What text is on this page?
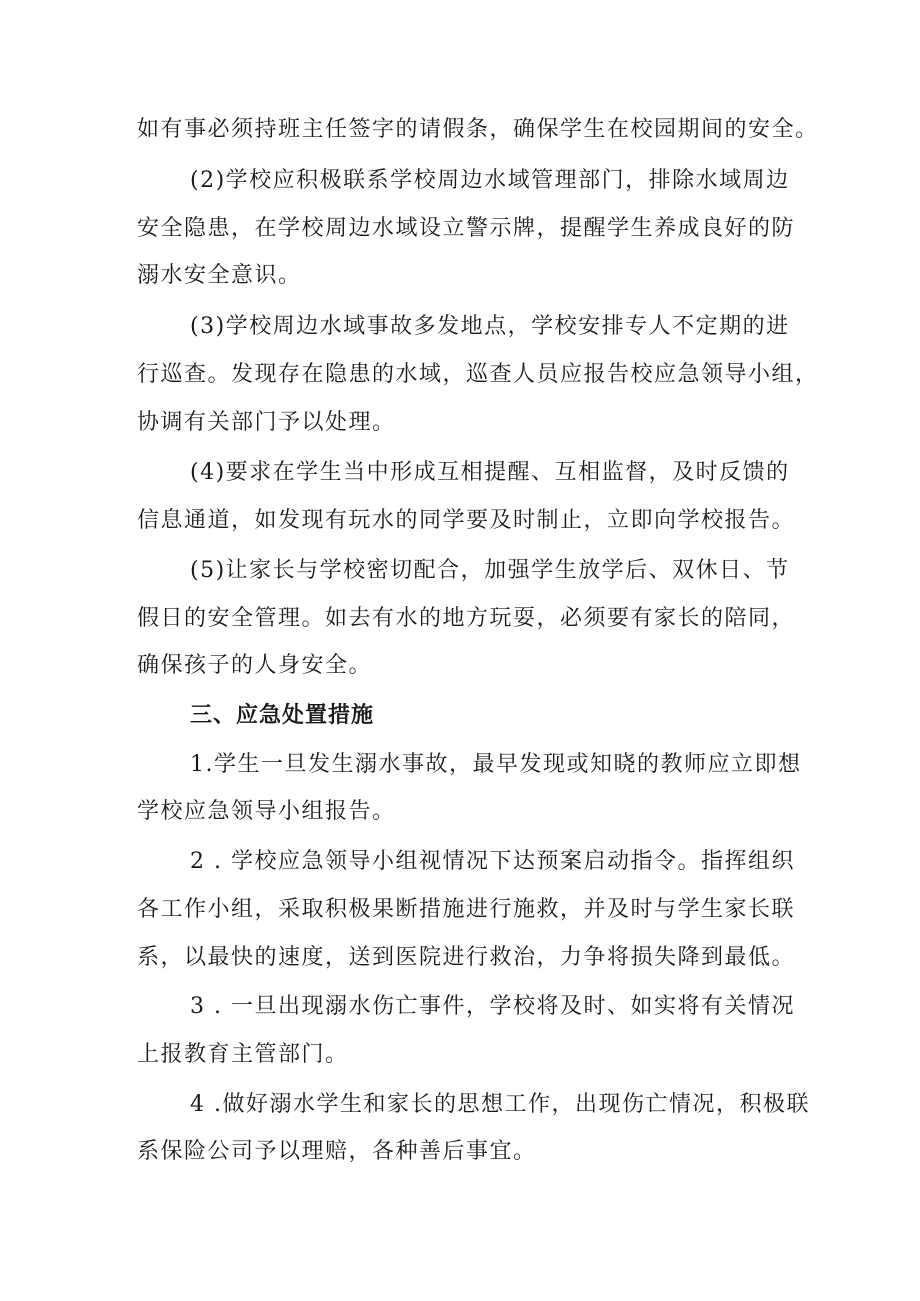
如有事必须持班主任签字的请假条，确保学生在校园期间的安全。
(2)学校应积极联系学校周边水域管理部门，排除水域周边
安全隐患，在学校周边水域设立警示牌，提醒学生养成良好的防
溺水安全意识。
(3)学校周边水域事故多发地点，学校安排专人不定期的进
行巡查。发现存在隐患的水域，巡查人员应报告校应急领导小组，
协调有关部门予以处理。
(4)要求在学生当中形成互相提醒、互相监督，及时反馈的
信息通道，如发现有玩水的同学要及时制止，立即向学校报告。
(5)让家长与学校密切配合，加强学生放学后、双休日、节
假日的安全管理。如去有水的地方玩耍，必须要有家长的陪同，
确保孩子的人身安全。
三、应急处置措施
1.学生一旦发生溺水事故，最早发现或知晓的教师应立即想
学校应急领导小组报告。
2 . 学校应急领导小组视情况下达预案启动指令。指挥组织
各工作小组，采取积极果断措施进行施救，并及时与学生家长联
系，以最快的速度，送到医院进行救治，力争将损失降到最低。
3 . 一旦出现溺水伤亡事件，学校将及时、如实将有关情况
上报教育主管部门。
4 .做好溺水学生和家长的思想工作，出现伤亡情况，积极联
系保险公司予以理赔，各种善后事宜。
